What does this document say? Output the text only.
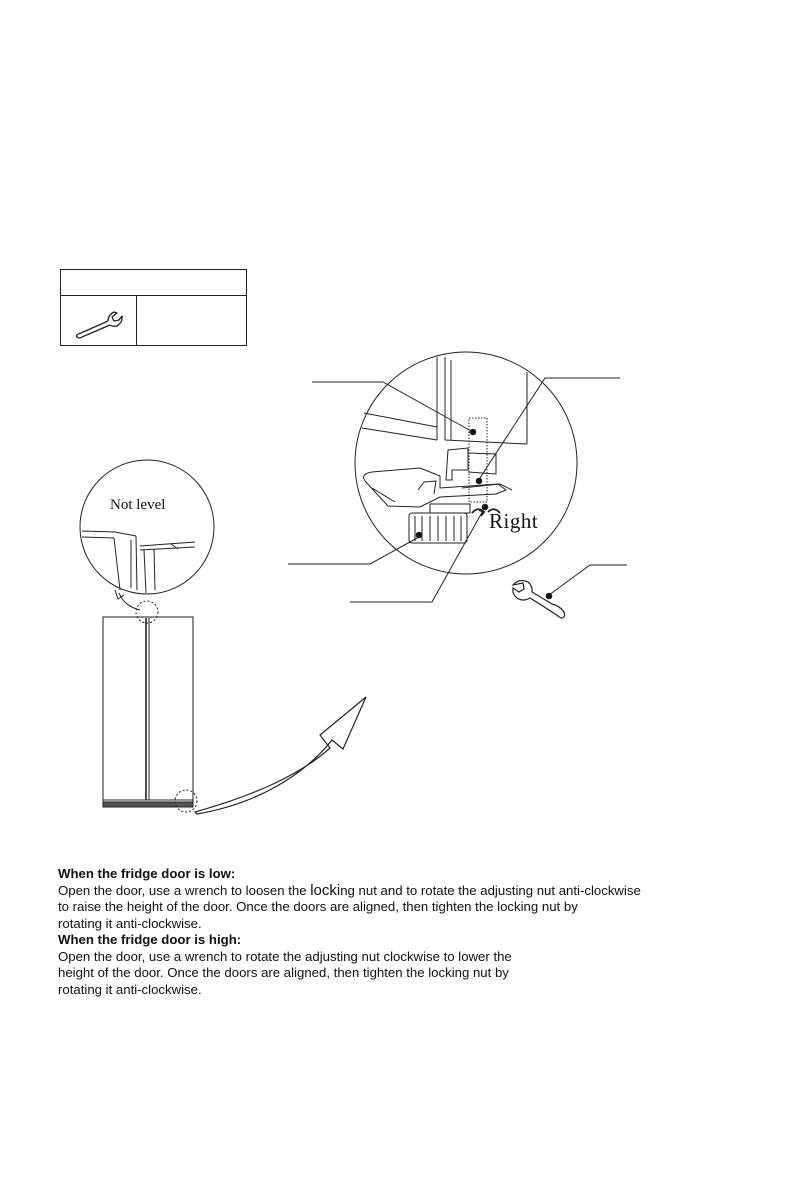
Not level
Right
When the fridge door is low:
Open the door, use a wrench to loosen the locking nut and to rotate the adjusting nut anti-clockwise
to raise the height of the door. Once the doors are aligned, then tighten the locking nut by
rotating it anti-clockwise.
When the fridge door is high:
Open the door, use a wrench to rotate the adjusting nut clockwise to lower the
height of the door. Once the doors are aligned, then tighten the locking nut by
rotating it anti-clockwise.
